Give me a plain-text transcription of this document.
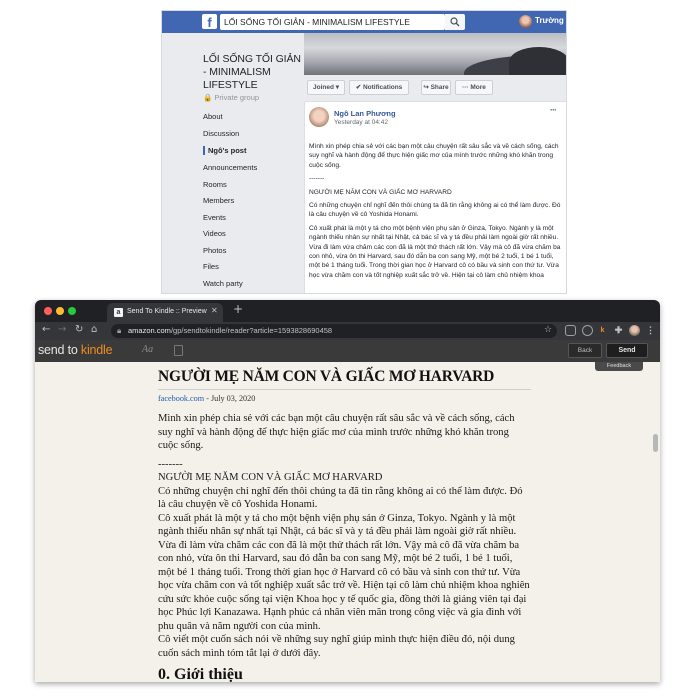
f	LỐI SỐNG TỐI GIẢN - MINIMALISM LIFESTYLE	Trường
LỐI SỐNG TỐI GIẢN - MINIMALISM LIFESTYLE
🔒 Private group
About
Discussion
Ngô's post
Announcements
Rooms
Members
Events
Videos
Photos
Files
Watch party
Joined ▾	✔ Notifications	↪ Share	··· More
Ngô Lan Phương
Yesterday at 04:42
···

Mình xin phép chia sẻ với các bạn một câu chuyện rất sâu sắc và về cách sống, cách suy nghĩ và hành động để thực hiện giấc mơ của mình trước những khó khăn trong cuộc sống.

-------

NGƯỜI MẸ NĂM CON VÀ GIẤC MƠ HARVARD

Có những chuyện chỉ nghĩ đến thôi chúng ta đã tin rằng không ai có thể làm được. Đó là câu chuyện về cô Yoshida Honami.

Cô xuất phát là một y tá cho một bệnh viện phụ sản ở Ginza, Tokyo. Ngành y là một ngành thiếu nhân sự nhất tại Nhật, cả bác sĩ và y tá đều phải làm ngoài giờ rất nhiều. Vừa đi làm vừa chăm các con đã là một thử thách rất lớn. Vậy mà cô đã vừa chăm ba con nhỏ, vừa ôn thi Harvard, sau đó dẫn ba con sang Mỹ, một bé 2 tuổi, 1 bé 1 tuổi, một bé 1 tháng tuổi. Trong thời gian học ở Harvard cô có bầu và sinh con thứ tư. Vừa học vừa chăm con và tốt nghiệp xuất sắc trở về. Hiện tại cô làm chủ nhiệm khoa

a Send To Kindle :: Preview ✕ +
← → ↻ ⌂ 🔒︎ amazon.com/gp/sendtokindle/reader?article=1593828690458	☆	k	✚	⋮
send to kindle	Aa	Back	Send
NGƯỜI MẸ NĂM CON VÀ GIẤC MƠ HARVARD
facebook.com - July 03, 2020
Mình xin phép chia sẻ với các bạn một câu chuyện rất sâu sắc và về cách sống, cách suy nghĩ và hành động để thực hiện giấc mơ của mình trước những khó khăn trong cuộc sống.
-------
NGƯỜI MẸ NĂM CON VÀ GIẤC MƠ HARVARD
Có những chuyện chỉ nghĩ đến thôi chúng ta đã tin rằng không ai có thể làm được. Đó là câu chuyện về cô Yoshida Honami.
Cô xuất phát là một y tá cho một bệnh viện phụ sản ở Ginza, Tokyo. Ngành y là một ngành thiếu nhân sự nhất tại Nhật, cả bác sĩ và y tá đều phải làm ngoài giờ rất nhiều. Vừa đi làm vừa chăm các con đã là một thử thách rất lớn. Vậy mà cô đã vừa chăm ba con nhỏ, vừa ôn thi Harvard, sau đó dẫn ba con sang Mỹ, một bé 2 tuổi, 1 bé 1 tuổi, một bé 1 tháng tuổi. Trong thời gian học ở Harvard cô có bầu và sinh con thứ tư. Vừa học vừa chăm con và tốt nghiệp xuất sắc trở về. Hiện tại cô làm chủ nhiệm khoa nghiên cứu sức khỏe cuộc sống tại viện Khoa học y tế quốc gia, đồng thời là giảng viên tại đại học Phúc lợi Kanazawa. Hạnh phúc cá nhân viên mãn trong công việc và gia đình với phu quân và năm người con của mình.
Cô viết một cuốn sách nói về những suy nghĩ giúp mình thực hiện điều đó, nội dung cuốn sách mình tóm tắt lại ở dưới đây.
0. Giới thiệu
Feedback
